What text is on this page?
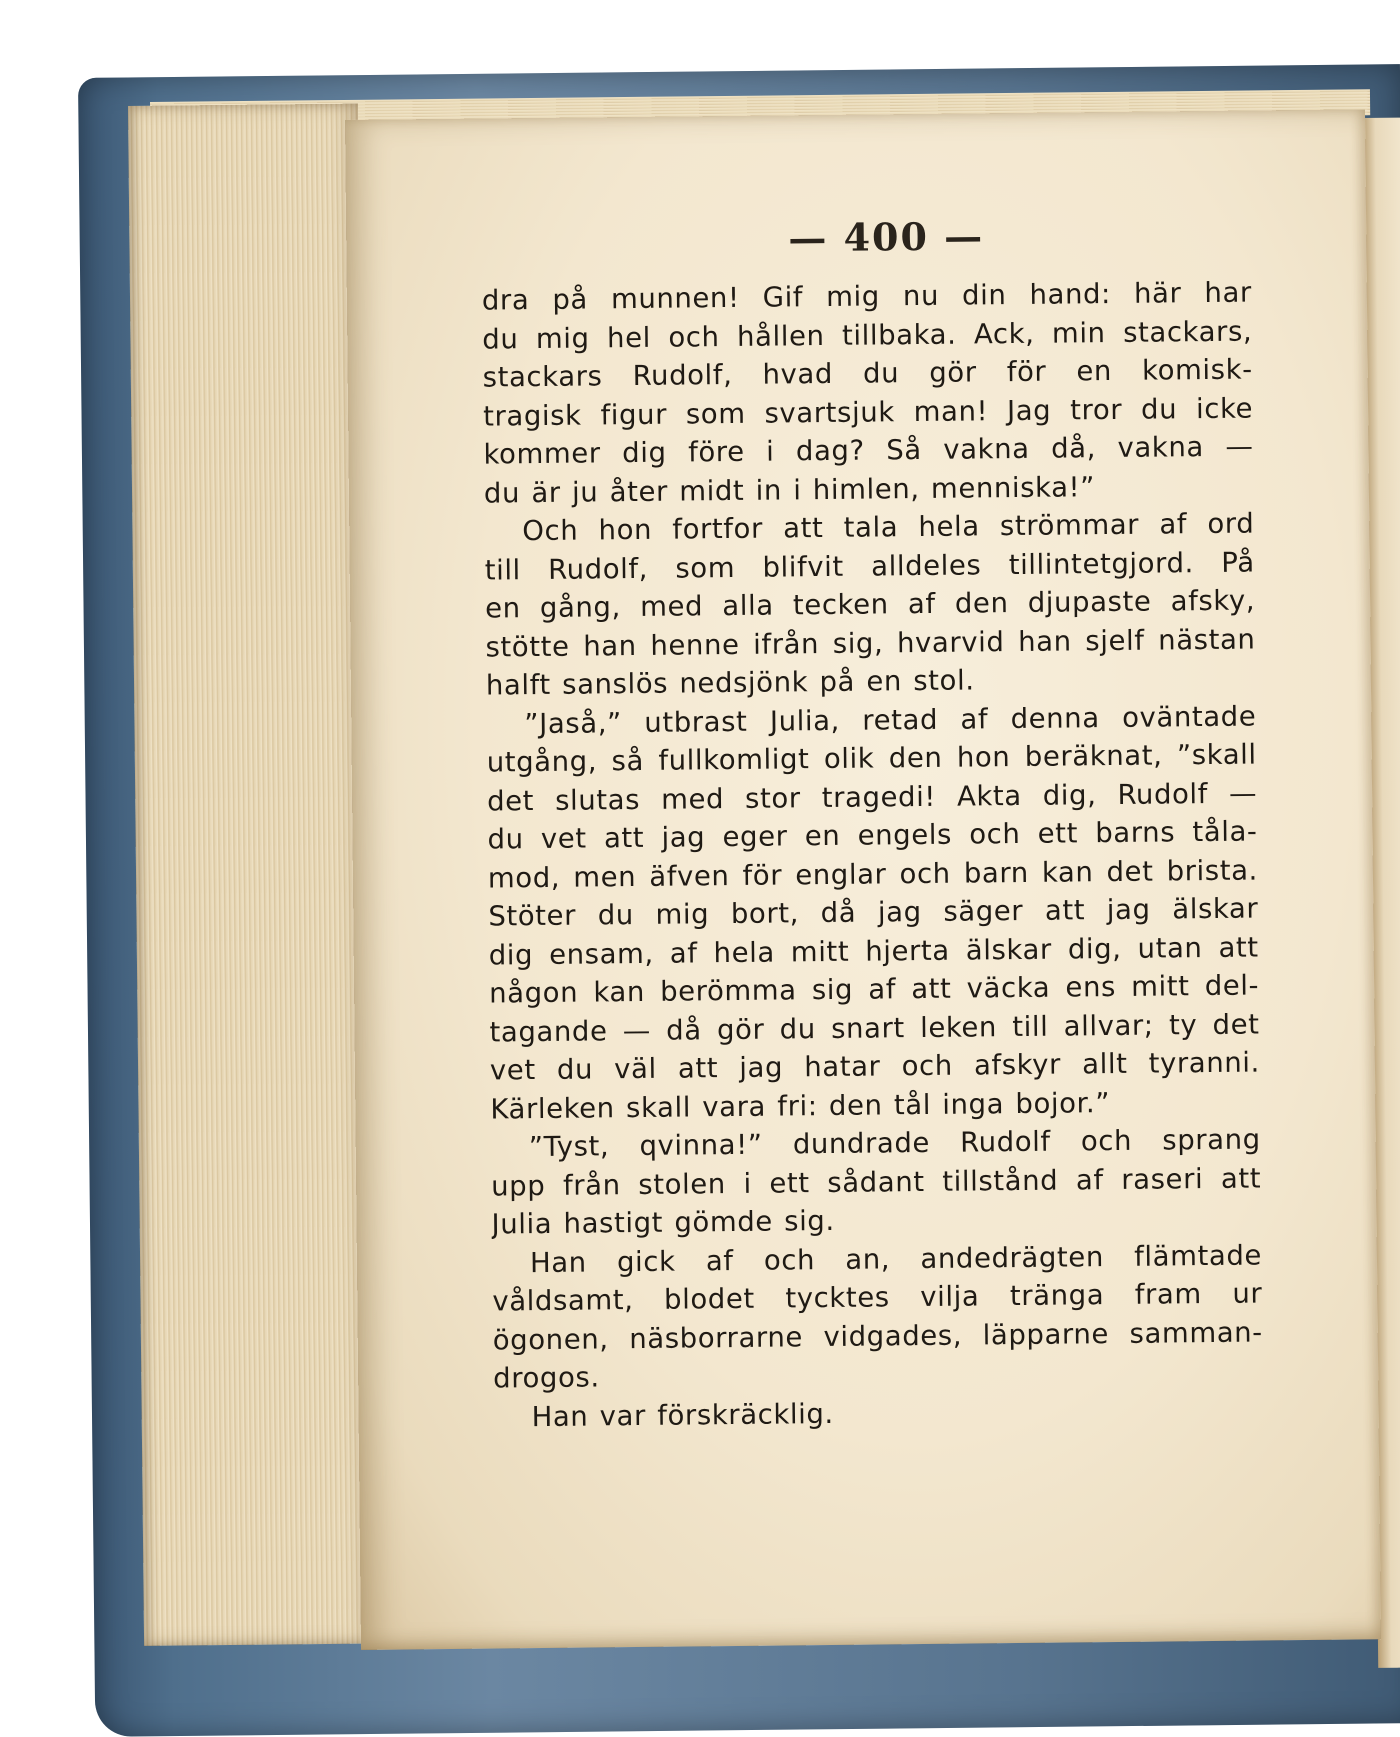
— 400 —
dra på munnen! Gif mig nu din hand: här har
du mig hel och hållen tillbaka. Ack, min stackars,
stackars Rudolf, hvad du gör för en komisk-
tragisk figur som svartsjuk man! Jag tror du icke
kommer dig före i dag? Så vakna då, vakna —
du är ju åter midt in i himlen, menniska!”
Och hon fortfor att tala hela strömmar af ord
till Rudolf, som blifvit alldeles tillintetgjord. På
en gång, med alla tecken af den djupaste afsky,
stötte han henne ifrån sig, hvarvid han sjelf nästan
halft sanslös nedsjönk på en stol.
”Jaså,” utbrast Julia, retad af denna oväntade
utgång, så fullkomligt olik den hon beräknat, ”skall
det slutas med stor tragedi! Akta dig, Rudolf —
du vet att jag eger en engels och ett barns tåla-
mod, men äfven för englar och barn kan det brista.
Stöter du mig bort, då jag säger att jag älskar
dig ensam, af hela mitt hjerta älskar dig, utan att
någon kan berömma sig af att väcka ens mitt del-
tagande — då gör du snart leken till allvar; ty det
vet du väl att jag hatar och afskyr allt tyranni.
Kärleken skall vara fri: den tål inga bojor.”
”Tyst, qvinna!” dundrade Rudolf och sprang
upp från stolen i ett sådant tillstånd af raseri att
Julia hastigt gömde sig.
Han gick af och an, andedrägten flämtade
våldsamt, blodet tycktes vilja tränga fram ur
ögonen, näsborrarne vidgades, läpparne samman-
drogos.
Han var förskräcklig.
